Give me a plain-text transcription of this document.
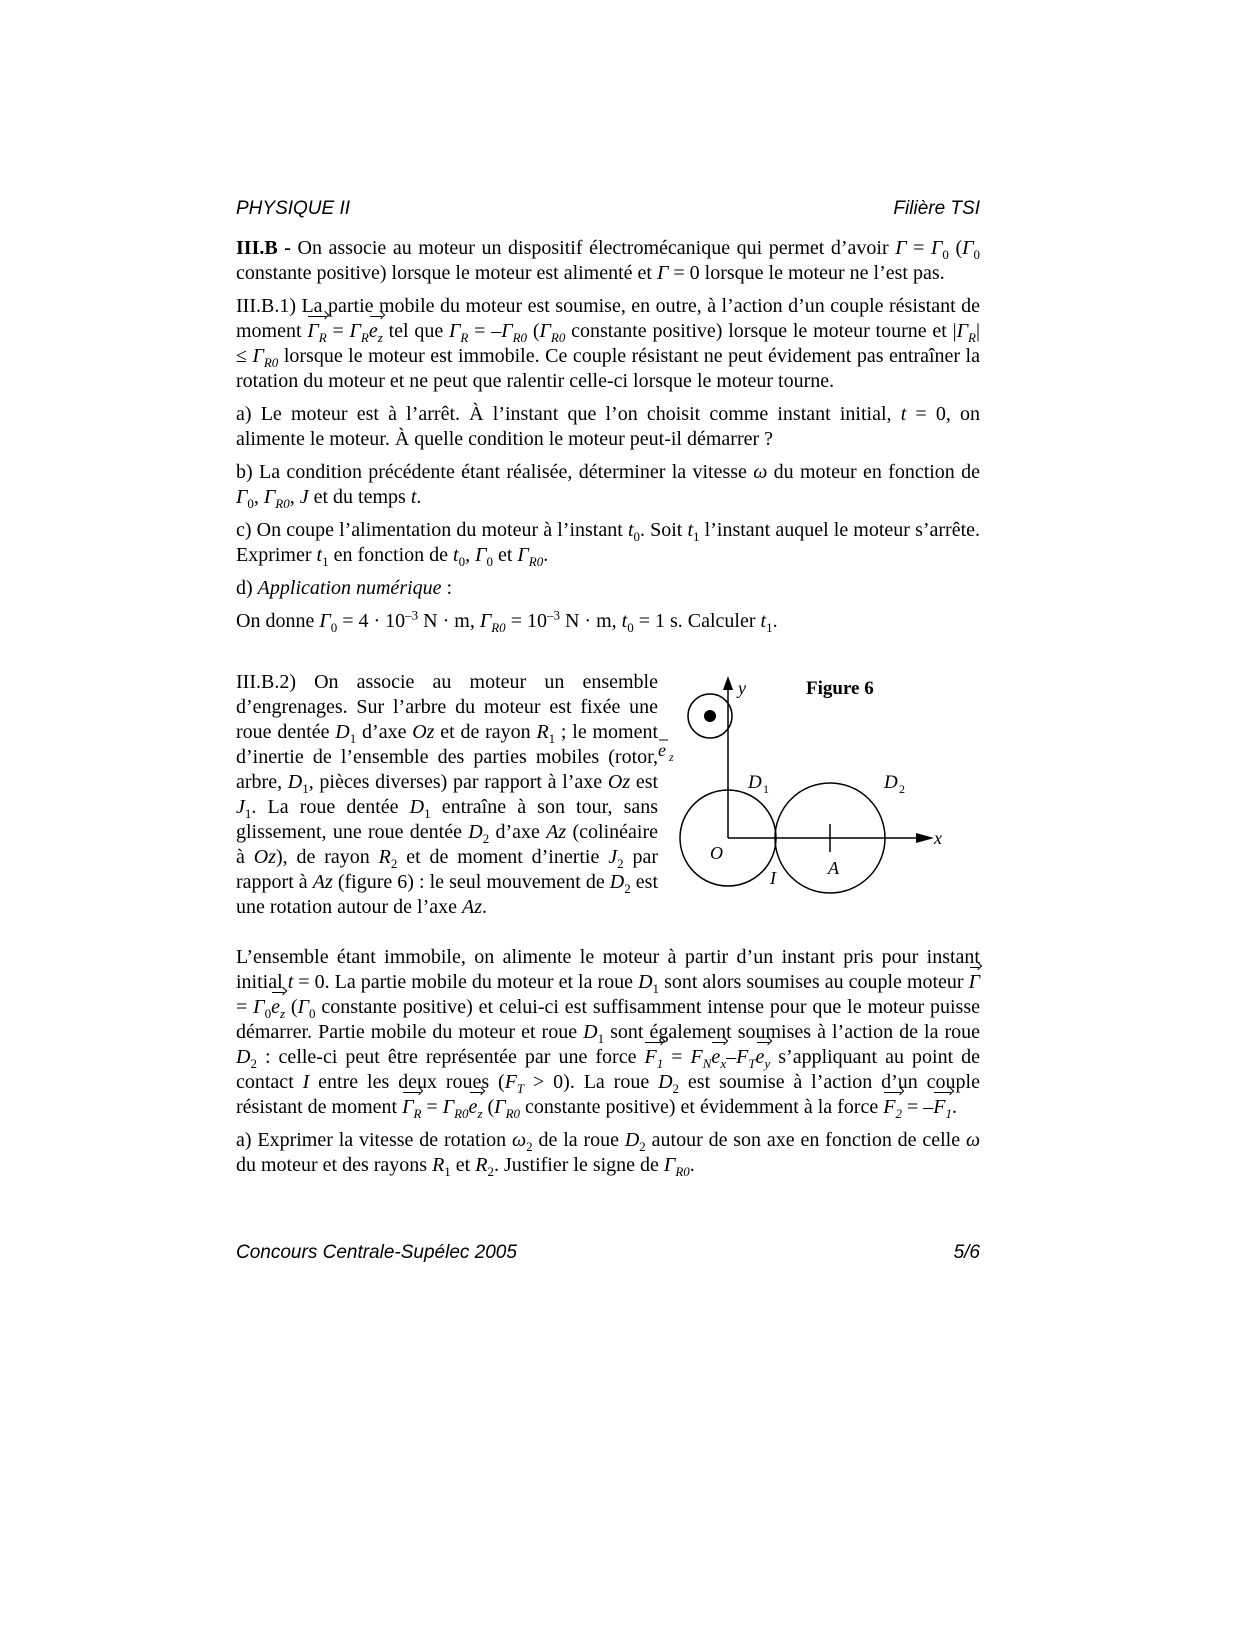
PHYSIQUE II	Filière TSI

III.B - On associe au moteur un dispositif électromécanique qui permet d’avoir $\Gamma = \Gamma_0$ ($\Gamma_0$ constante positive) lorsque le moteur est alimenté et Γ = 0 lorsque le moteur ne l’est pas.

III.B.1) La partie mobile du moteur est soumise, en outre, à l’action d’un couple résistant de moment $\Gamma_R = \Gamma_Re_z$ tel que $\Gamma_R = -\Gamma_{R0}$ ($\Gamma_{R0}$ constante positive) lorsque le moteur tourne et $|\Gamma_R| \le \Gamma_{R0}$ lorsque le moteur est immobile. Ce couple résistant ne peut évidement pas entraîner la rotation du moteur et ne peut que ralentir celle-ci lorsque le moteur tourne.

a) Le moteur est à l’arrêt. À l’instant que l’on choisit comme instant initial, t = 0, on alimente le moteur. À quelle condition le moteur peut-il démarrer ?

b) La condition précédente étant réalisée, déterminer la vitesse ω du moteur en fonction de $\Gamma_0$, $\Gamma_{R0}$, J et du temps t.

c) On coupe l’alimentation du moteur à l’instant $t_0$. Soit $t_1$ l’instant auquel le moteur s’arrête. Exprimer $t_1$ en fonction de $t_0$, $\Gamma_0$ et $\Gamma_{R0}$.

d) Application numérique :

On donne $\Gamma_0 = 4 \cdot 10^{-3}$ N · m, $\Gamma_{R0} = 10^{-3}$ N · m, $t_0 = 1$ s. Calculer $t_1$.

III.B.2) On associe au moteur un ensemble d’engrenages. Sur l’arbre du moteur est fixée une roue dentée $D_1$ d’axe Oz et de rayon $R_1$ ; le moment d’inertie de l’ensemble des parties mobiles (rotor, arbre, $D_1$, pièces diverses) par rapport à l’axe Oz est $J_1$. La roue dentée $D_1$ entraîne à son tour, sans glissement, une roue dentée $D_2$ d’axe Az (colinéaire à Oz), de rayon $R_2$ et de moment d’inertie $J_2$ par rapport à Az (figure 6) : le seul mouvement de $D_2$ est une rotation autour de l’axe Az.

e z
y	Figure 6
x
O
I	A
D 1	D 2

L’ensemble étant immobile, on alimente le moteur à partir d’un instant pris pour instant initial t = 0. La partie mobile du moteur et la roue $D_1$ sont alors soumises au couple moteur $\Gamma = \Gamma_0e_z$ ($\Gamma_0$ constante positive) et celui-ci est suffisamment intense pour que le moteur puisse démarrer. Partie mobile du moteur et roue $D_1$ sont également soumises à l’action de la roue $D_2$ : celle-ci peut être représentée par une force $F_1 = F_Ne_x-F_Te_y$ s’appliquant au point de contact I entre les deux roues $(F_T > 0)$. La roue $D_2$ est soumise à l’action d’un couple résistant de moment $\Gamma_R = \Gamma_{R0}e_z$ ($\Gamma_{R0}$ constante positive) et évidemment à la force $F_2 = -F_1$.

a) Exprimer la vitesse de rotation $\omega_2$ de la roue $D_2$ autour de son axe en fonction de celle ω du moteur et des rayons $R_1$ et $R_2$. Justifier le signe de $\Gamma_{R0}$.

Concours Centrale-Supélec 2005	5/6
